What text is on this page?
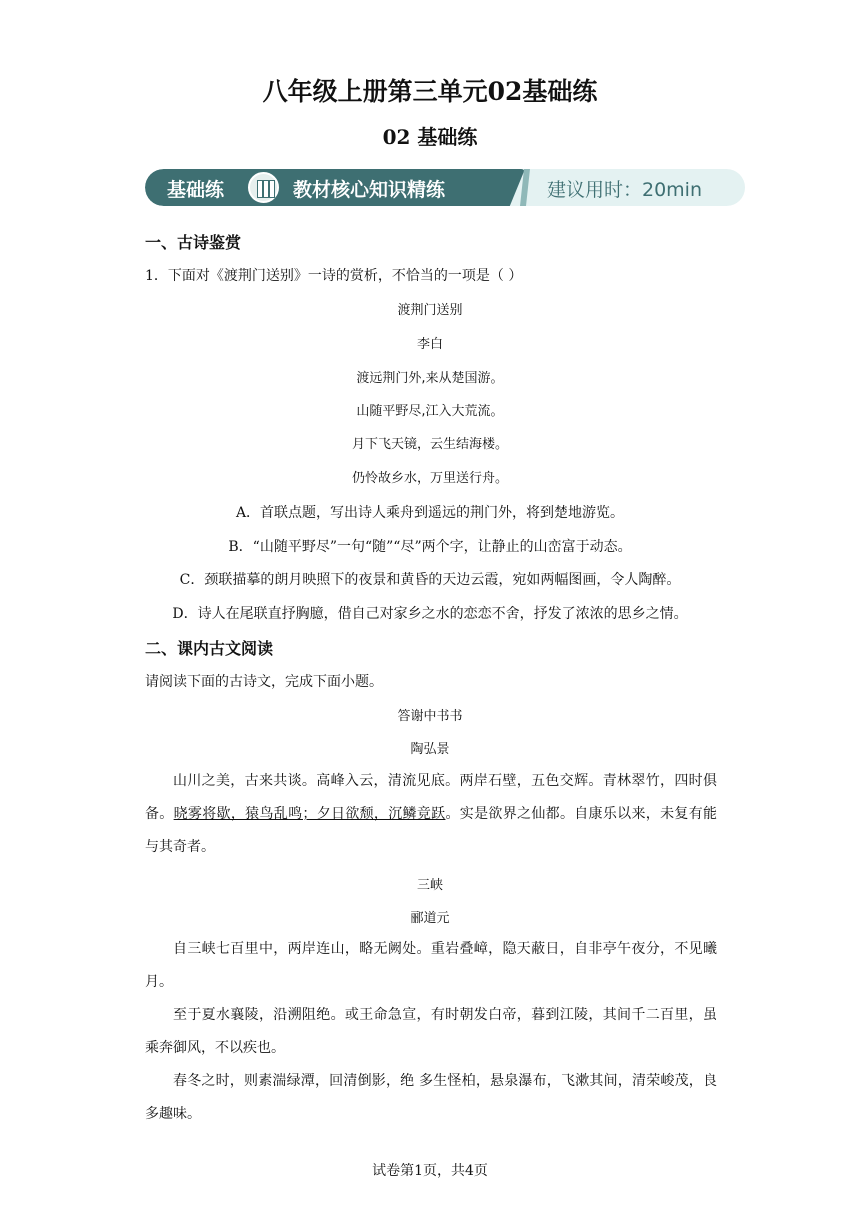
八年级上册第三单元02基础练
02 基础练
基础练	教材核心知识精练	建议用时：20min
一、古诗鉴赏
1．下面对《渡荆门送别》一诗的赏析，不恰当的一项是（ ）
渡荆门送别
李白
渡远荆门外,来从楚国游。
山随平野尽,江入大荒流。
月下飞天镜，云生结海楼。
仍怜故乡水，万里送行舟。
A．首联点题，写出诗人乘舟到遥远的荆门外，将到楚地游览。
B．“山随平野尽”一句“随”“尽”两个字，让静止的山峦富于动态。
C．颈联描摹的朗月映照下的夜景和黄昏的天边云霞，宛如两幅图画，令人陶醉。
D．诗人在尾联直抒胸臆，借自己对家乡之水的恋恋不舍，抒发了浓浓的思乡之情。
二、课内古文阅读
请阅读下面的古诗文，完成下面小题。
答谢中书书
陶弘景

山川之美，古来共谈。高峰入云，清流见底。两岸石壁，五色交辉。青林翠竹，四时俱备。晓雾将歇，猿鸟乱鸣；夕日欲颓，沉鳞竞跃。实是欲界之仙都。自康乐以来，未复有能与其奇者。

三峡
郦道元

自三峡七百里中，两岸连山，略无阙处。重岩叠嶂，隐天蔽日，自非亭午夜分，不见曦月。

至于夏水襄陵，沿溯阻绝。或王命急宣，有时朝发白帝，暮到江陵，其间千二百里，虽乘奔御风，不以疾也。

春冬之时，则素湍绿潭，回清倒影，绝 多生怪柏，悬泉瀑布，飞漱其间，清荣峻茂，良多趣味。

试卷第1页，共4页
